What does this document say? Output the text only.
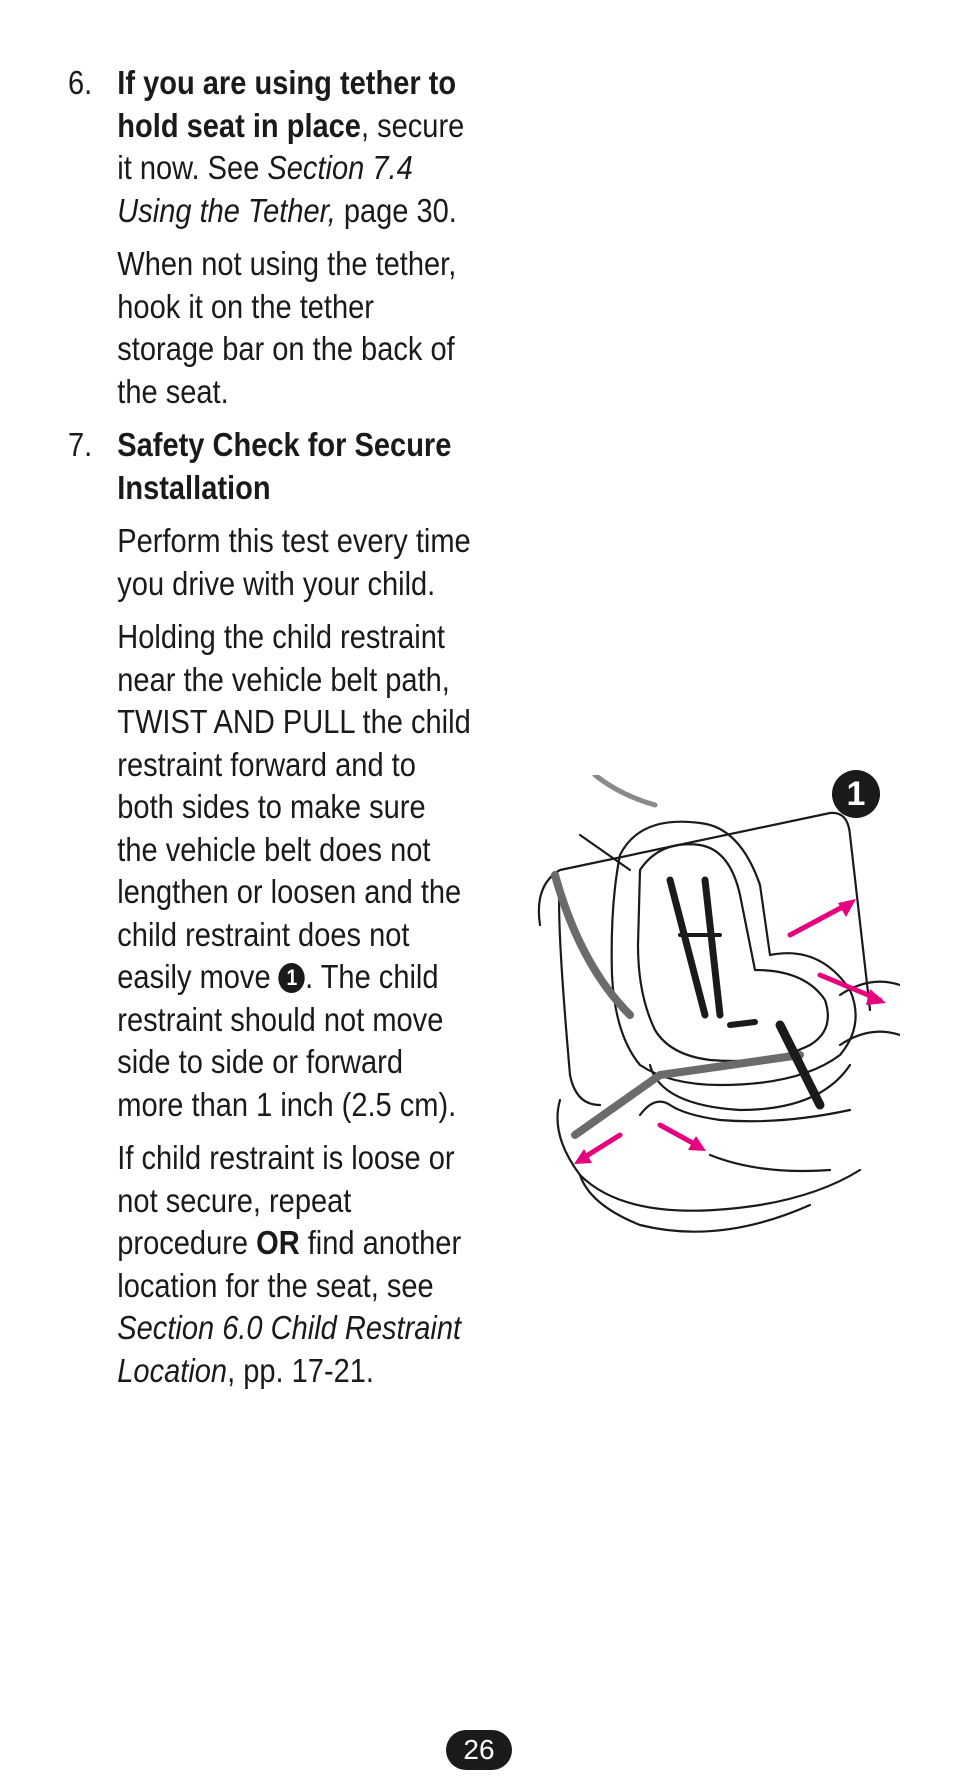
6. If you are using tether to hold seat in place, secure it now. See Section 7.4 Using the Tether, page 30.

When not using the tether, hook it on the tether storage bar on the back of the seat.

7. Safety Check for Secure Installation

Perform this test every time you drive with your child.

Holding the child restraint near the vehicle belt path, TWIST AND PULL the child restraint forward and to both sides to make sure the vehicle belt does not lengthen or loosen and the child restraint does not easily move 1 . The child restraint should not move side to side or forward more than 1 inch (2.5 cm).

If child restraint is loose or not secure, repeat procedure OR find another location for the seat, see Section 6.0 Child Restraint Location, pp. 17-21.

1
26
